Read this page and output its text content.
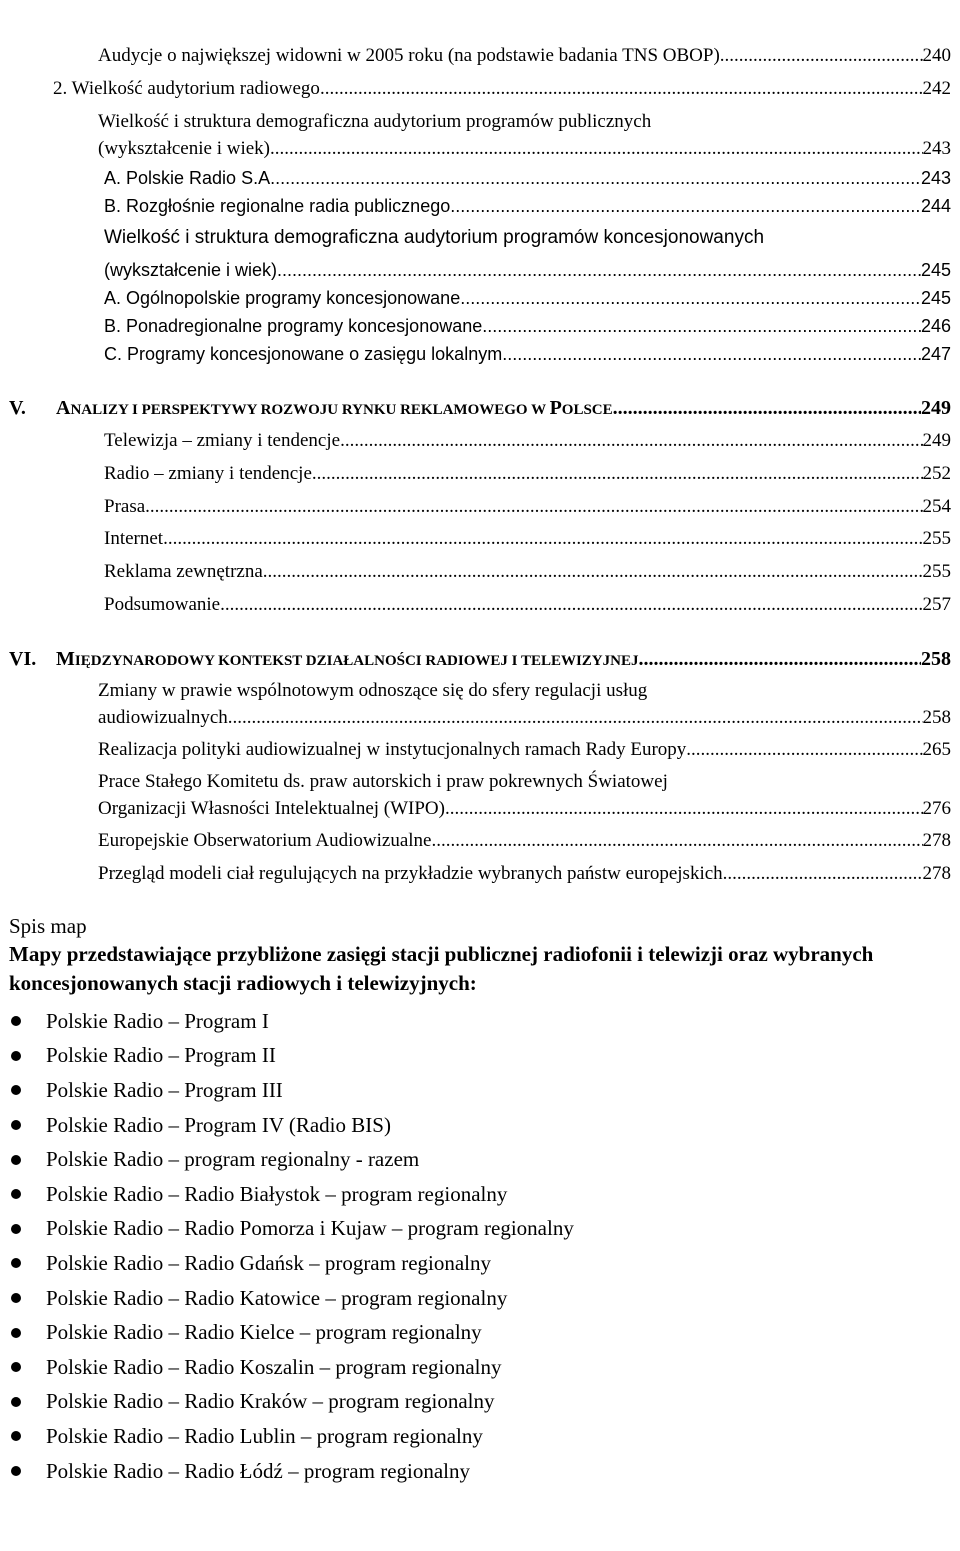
Audycje o największej widowni w 2005 roku (na podstawie badania TNS OBOP) .....	240
2. Wielkość audytorium radiowego .....	242
Wielkość i struktura demograficzna audytorium programów publicznych
(wykształcenie i wiek) .....	243
A. Polskie Radio S.A. .....	243
B. Rozgłośnie regionalne radia publicznego .....	244
Wielkość i struktura demograficzna audytorium programów koncesjonowanych
(wykształcenie i wiek) .....	245
A. Ogólnopolskie programy koncesjonowane .....	245
B. Ponadregionalne programy koncesjonowane .....	246
C. Programy koncesjonowane o zasięgu lokalnym .....	247
V.	ANALIZY I PERSPEKTYWY ROZWOJU RYNKU REKLAMOWEGO W POLSCE .....	249
Telewizja – zmiany i tendencje .....	249
Radio – zmiany i tendencje .....	252
Prasa .....	254
Internet .....	255
Reklama zewnętrzna .....	255
Podsumowanie .....	257
VI. MIĘDZYNARODOWY KONTEKST DZIAŁALNOŚCI RADIOWEJ I TELEWIZYJNEJ .....	258
Zmiany w prawie wspólnotowym odnoszące się do sfery regulacji usług
audiowizualnych .....	258
Realizacja polityki audiowizualnej w instytucjonalnych ramach Rady Europy .....	265
Prace Stałego Komitetu ds. praw autorskich i praw pokrewnych Światowej
Organizacji Własności Intelektualnej (WIPO) .....	276
Europejskie Obserwatorium Audiowizualne .....	278
Przegląd modeli ciał regulujących na przykładzie wybranych państw europejskich .....	278
Spis map
Mapy przedstawiające przybliżone zasięgi stacji publicznej radiofonii i telewizji oraz wybranych koncesjonowanych stacji radiowych i telewizyjnych:
Polskie Radio – Program I
Polskie Radio – Program II
Polskie Radio – Program III
Polskie Radio – Program IV (Radio BIS)
Polskie Radio – program regionalny - razem
Polskie Radio – Radio Białystok – program regionalny
Polskie Radio – Radio Pomorza i Kujaw – program regionalny
Polskie Radio – Radio Gdańsk – program regionalny
Polskie Radio – Radio Katowice – program regionalny
Polskie Radio – Radio Kielce – program regionalny
Polskie Radio – Radio Koszalin – program regionalny
Polskie Radio – Radio Kraków – program regionalny
Polskie Radio – Radio Lublin – program regionalny
Polskie Radio – Radio Łódź – program regionalny
